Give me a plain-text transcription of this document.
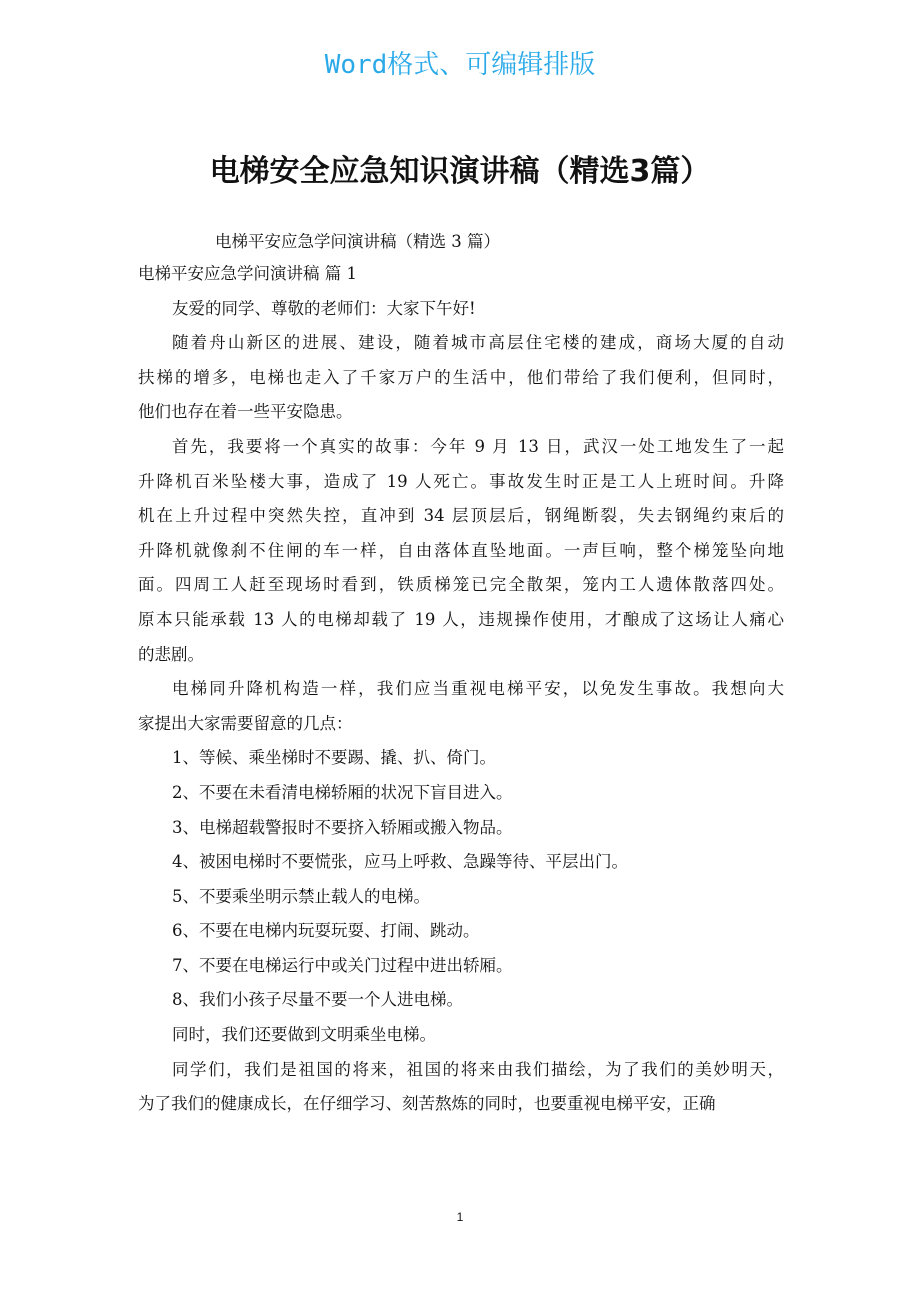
Word格式、可编辑排版
电梯安全应急知识演讲稿（精选3篇）
电梯平安应急学问演讲稿（精选 3 篇）
电梯平安应急学问演讲稿 篇 1
友爱的同学、尊敬的老师们：大家下午好!
随着舟山新区的进展、建设，随着城市高层住宅楼的建成，商场大厦的自动
扶梯的增多，电梯也走入了千家万户的生活中，他们带给了我们便利，但同时，
他们也存在着一些平安隐患。
首先，我要将一个真实的故事：今年 9 月 13 日，武汉一处工地发生了一起
升降机百米坠楼大事，造成了 19 人死亡。事故发生时正是工人上班时间。升降
机在上升过程中突然失控，直冲到 34 层顶层后，钢绳断裂，失去钢绳约束后的
升降机就像刹不住闸的车一样，自由落体直坠地面。一声巨响，整个梯笼坠向地
面。四周工人赶至现场时看到，铁质梯笼已完全散架，笼内工人遗体散落四处。
原本只能承载 13 人的电梯却载了 19 人，违规操作使用，才酿成了这场让人痛心
的悲剧。
电梯同升降机构造一样，我们应当重视电梯平安，以免发生事故。我想向大
家提出大家需要留意的几点：
1、等候、乘坐梯时不要踢、撬、扒、倚门。
2、不要在未看清电梯轿厢的状况下盲目进入。
3、电梯超载警报时不要挤入轿厢或搬入物品。
4、被困电梯时不要慌张，应马上呼救、急躁等待、平层出门。
5、不要乘坐明示禁止载人的电梯。
6、不要在电梯内玩耍玩耍、打闹、跳动。
7、不要在电梯运行中或关门过程中进出轿厢。
8、我们小孩子尽量不要一个人进电梯。
同时，我们还要做到文明乘坐电梯。
同学们，我们是祖国的将来，祖国的将来由我们描绘，为了我们的美妙明天，
为了我们的健康成长，在仔细学习、刻苦熬炼的同时，也要重视电梯平安，正确
1
